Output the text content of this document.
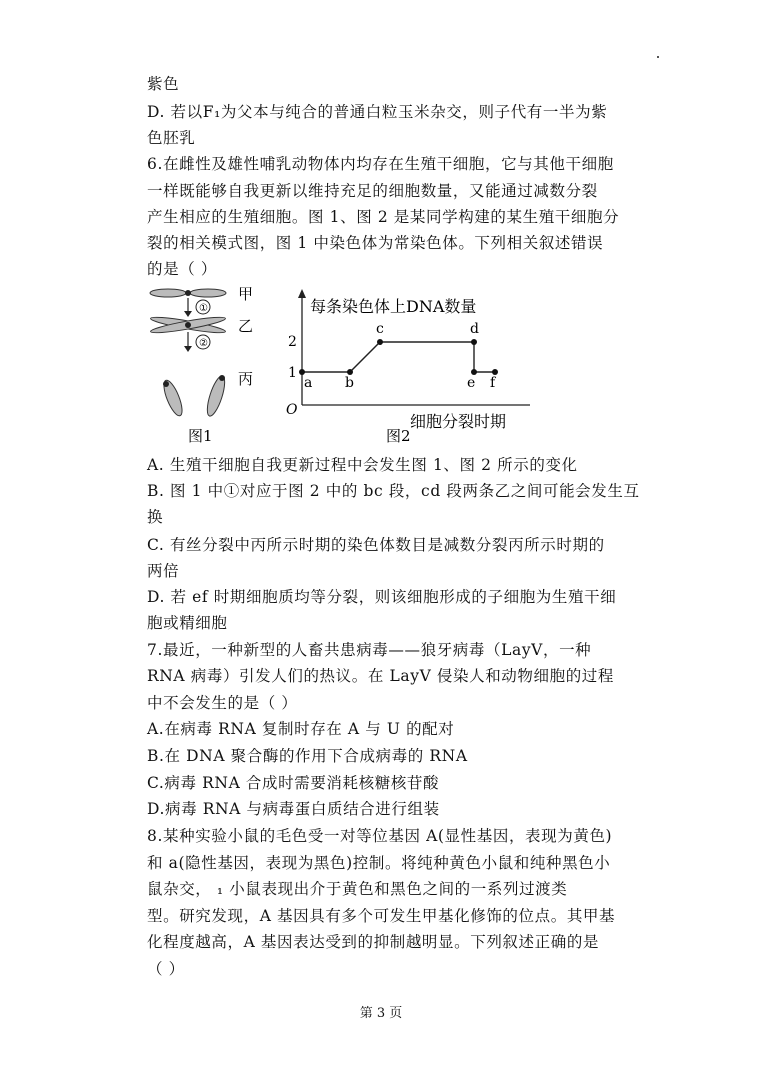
紫色
D. 若以F₁为父本与纯合的普通白粒玉米杂交，则子代有一半为紫
色胚乳
6.在雌性及雄性哺乳动物体内均存在生殖干细胞，它与其他干细胞
一样既能够自我更新以维持充足的细胞数量，又能通过减数分裂
产生相应的生殖细胞。图 1、图 2 是某同学构建的某生殖干细胞分
裂的相关模式图，图 1 中染色体为常染色体。下列相关叙述错误
的是（ ）
甲
①
乙
②
丙
图1
每条染色体上DNA数量
细胞分裂时期
O
1
2
a b
c	d
e f
图2
A. 生殖干细胞自我更新过程中会发生图 1、图 2 所示的变化
B. 图 1 中①对应于图 2 中的 bc 段，cd 段两条乙之间可能会发生互
换
C. 有丝分裂中丙所示时期的染色体数目是减数分裂丙所示时期的
两倍
D. 若 ef 时期细胞质均等分裂，则该细胞形成的子细胞为生殖干细
胞或精细胞
7.最近，一种新型的人畜共患病毒——狼牙病毒（LayV，一种
RNA 病毒）引发人们的热议。在 LayV 侵染人和动物细胞的过程
中不会发生的是（ ）
A.在病毒 RNA 复制时存在 A 与 U 的配对
B.在 DNA 聚合酶的作用下合成病毒的 RNA
C.病毒 RNA 合成时需要消耗核糖核苷酸
D.病毒 RNA 与病毒蛋白质结合进行组装
8.某种实验小鼠的毛色受一对等位基因 A(显性基因，表现为黄色)
和 a(隐性基因，表现为黑色)控制。将纯种黄色小鼠和纯种黑色小
鼠杂交， ₁ 小鼠表现出介于黄色和黑色之间的一系列过渡类
型。研究发现，A 基因具有多个可发生甲基化修饰的位点。其甲基
化程度越高，A 基因表达受到的抑制越明显。下列叙述正确的是
（ ）
第 3 页
